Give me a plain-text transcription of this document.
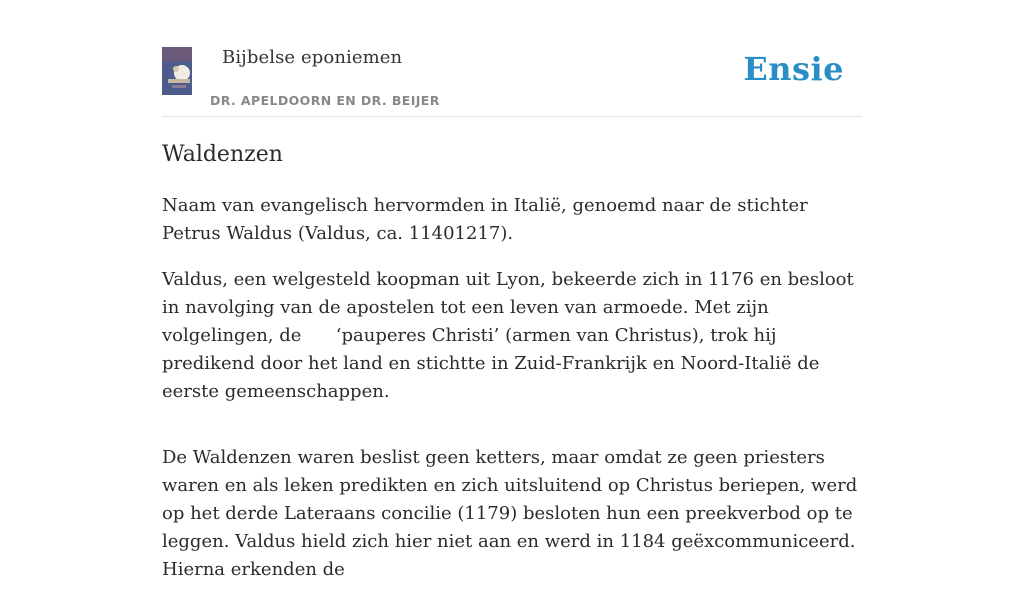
Bijbelse eponiemen
DR. APELDOORN EN DR. BEIJER
Ensie
Waldenzen

Naam van evangelisch hervormden in Italië, genoemd naar de stichter Petrus Waldus (Valdus, ca. 11401217).

Valdus, een welgesteld koopman uit Lyon, bekeerde zich in 1176 en besloot in navolging van de apostelen tot een leven van armoede. Met zijn volgelingen, de      ‘pauperes Christi’ (armen van Christus), trok hij predikend door het land en stichtte in Zuid-Frankrijk en Noord-Italië de eerste gemeenschappen.

De Waldenzen waren beslist geen ketters, maar omdat ze geen priesters waren en als leken predikten en zich uitsluitend op Christus beriepen, werd op het derde Lateraans concilie (1179) besloten hun een preekverbod op te leggen. Valdus hield zich hier niet aan en werd in 1184 geëxcommuniceerd. Hierna erkenden de
